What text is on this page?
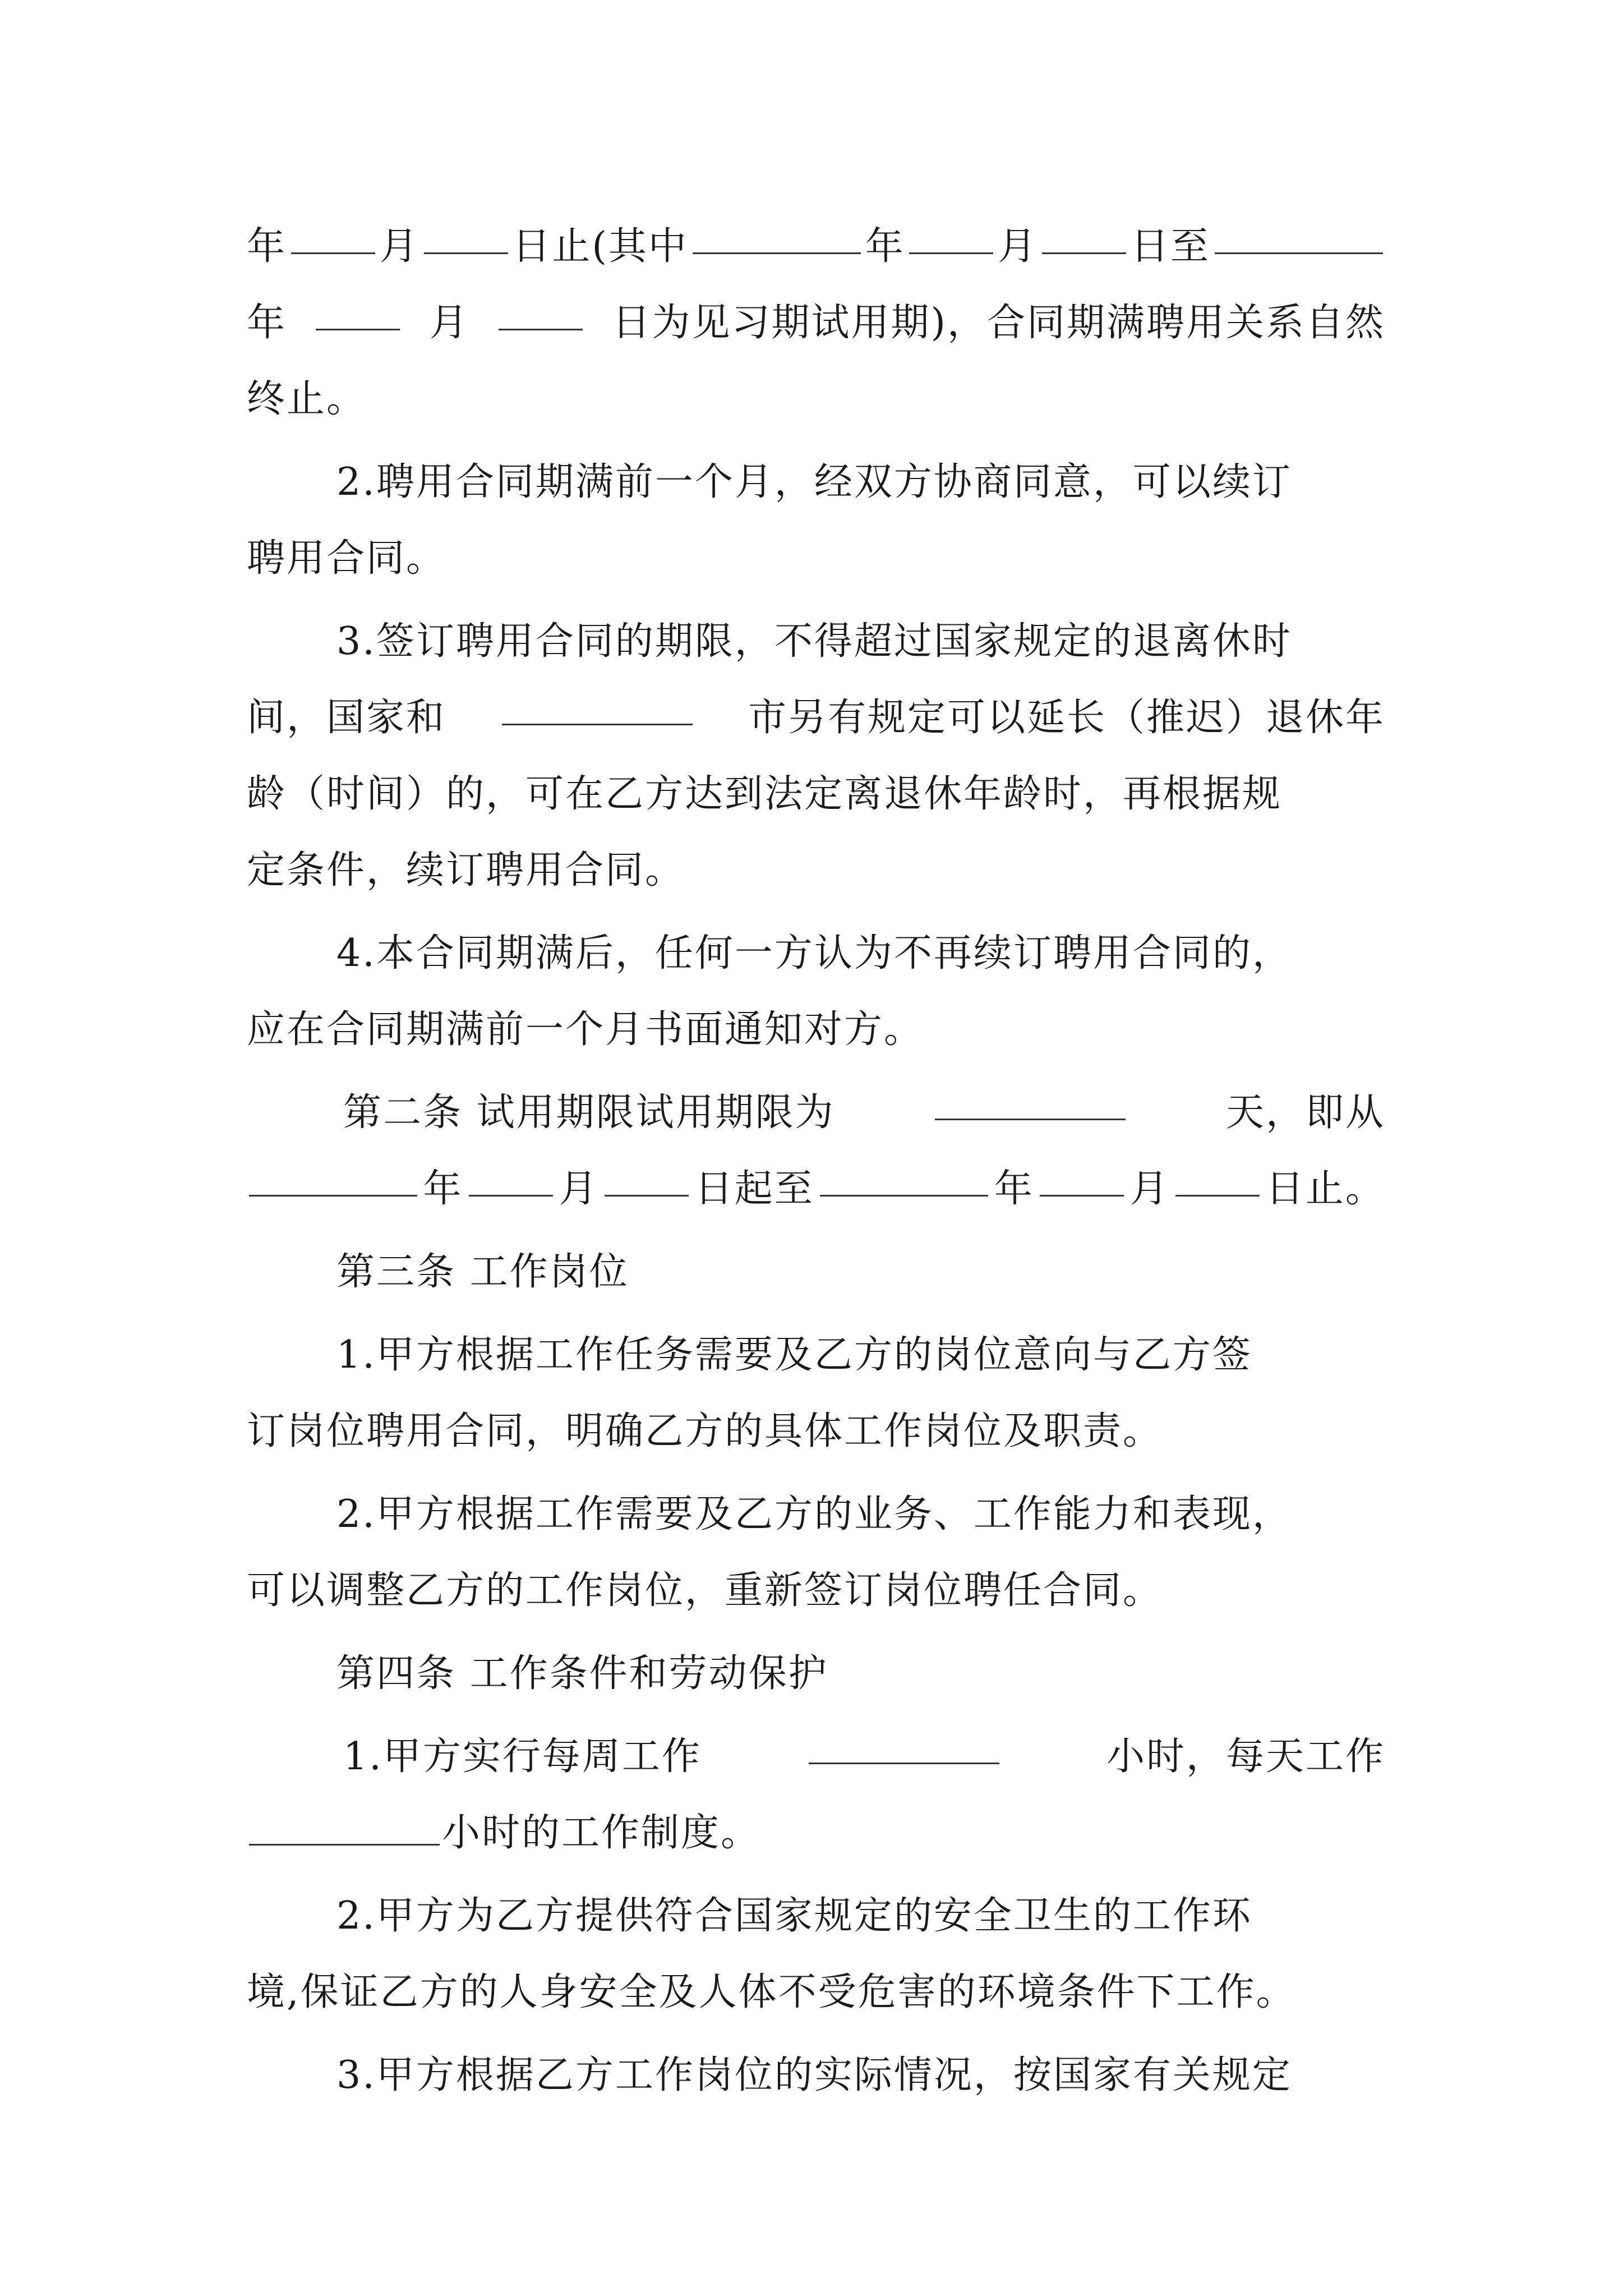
年 月 日止(其中	年 月 日至
年	月	日为见习期试用期)，合同期满聘用关系自然
终止。
2.聘用合同期满前一个月，经双方协商同意，可以续订
聘用合同。
3.签订聘用合同的期限，不得超过国家规定的退离休时
间，国家和	市另有规定可以延长（推迟）退休年
龄（时间）的，可在乙方达到法定离退休年龄时，再根据规
定条件，续订聘用合同。
4.本合同期满后，任何一方认为不再续订聘用合同的，
应在合同期满前一个月书面通知对方。
第二条 试用期限试用期限为	天，即从
年	月	日起至	年	月	日止。
第三条 工作岗位
1.甲方根据工作任务需要及乙方的岗位意向与乙方签
订岗位聘用合同，明确乙方的具体工作岗位及职责。
2.甲方根据工作需要及乙方的业务、工作能力和表现，
可以调整乙方的工作岗位，重新签订岗位聘任合同。
第四条 工作条件和劳动保护
1.甲方实行每周工作	小时，每天工作
小时的工作制度。
2.甲方为乙方提供符合国家规定的安全卫生的工作环
境,保证乙方的人身安全及人体不受危害的环境条件下工作。
3.甲方根据乙方工作岗位的实际情况，按国家有关规定
